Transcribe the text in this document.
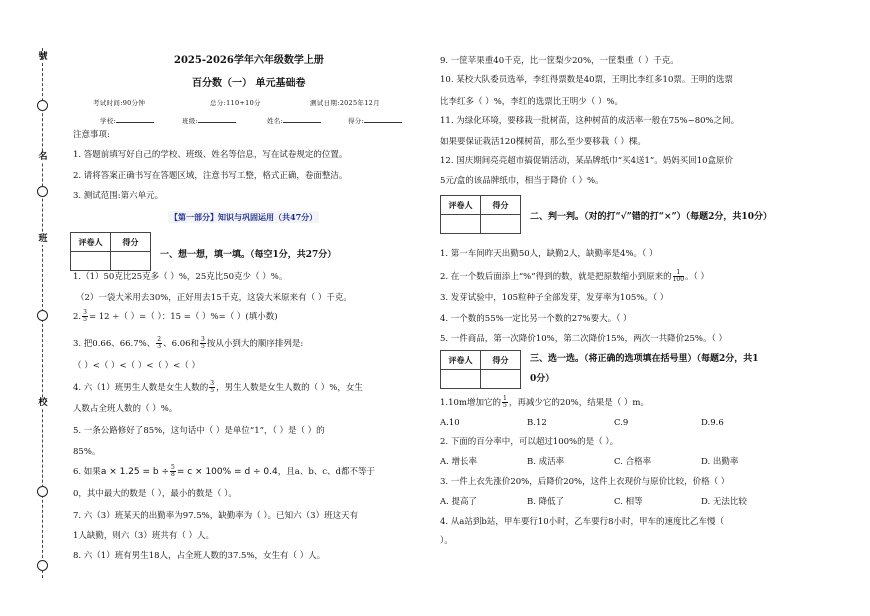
號
名
班
校
2025-2026学年六年级数学上册
百分数（一） 单元基础卷
考试时间:90分钟	总分:110+10分	测试日期:2025年12月
学校:	班级:	姓名:	得分:
注意事项:
1. 答题前填写好自己的学校、班级、姓名等信息，写在试卷规定的位置。
2. 请将答案正确书写在答题区域，注意书写工整，格式正确，卷面整洁。
3. 测试范围:第六单元。
【第一部分】知识与巩固运用（共47分）
评卷人	得分

一、想一想，填一填。（每空1分，共27分）
1.（1）50克比25克多（ ）%，25克比50克少（ ）%。
（2）一袋大米用去30%，正好用去15千克，这袋大米原来有（ ）千克。
2. $\frac{3}{5} = 12$ ÷（ ）=（ ）：15 =（ ）%=（ ）(填小数)
3. 把0.66、66.7%、 $\frac{2}{3}$ 、6.06和 $\frac{3}{5}$ 按从小到大的顺序排列是:
（ ）<（ ）<（ ）<（ ）<（ ）
4. 六（1）班男生人数是女生人数的 $\frac{3}{5}$ ，男生人数是女生人数的（ ）%，女生
人数占全班人数的（ ）%。
5. 一条公路修好了85%，这句话中（ ）是单位“1”，（ ）是（ ）的
85%。
6. 如果$a \times 1.25 = b \div \frac{5}{8} = c \times 100\% = d \div 0.4$，且a、b、c、d都不等于
0，其中最大的数是（ ），最小的数是（ ）。
7. 六（3）班某天的出勤率为97.5%，缺勤率为（ ）。已知六（3）班这天有
1人缺勤，则六（3）班共有（ ）人。
8. 六（1）班有男生18人，占全班人数的37.5%，女生有（ ）人。
9. 一筐苹果重40千克，比一筐梨少20%，一筐梨重（ ）千克。
10. 某校大队委员选举，李红得票数是40票，王明比李红多10票。王明的选票
比李红多（ ）%，李红的选票比王明少（ ）%。
11. 为绿化环境，要移栽一批树苗，这种树苗的成活率一般在75%~80%之间。
如果要保证栽活120棵树苗，那么至少要移栽（ ）棵。
12. 国庆期间亮亮超市搞促销活动，某品牌纸巾“买4送1”。妈妈买回10盒原价
5元/盒的该品牌纸巾，相当于降价（ ）%。
评卷人	得分

二、判一判。（对的打“√”错的打“×”）（每题2分，共10分）
1. 第一车间昨天出勤50人，缺勤2人，缺勤率是4%。（ ）
2. 在一个数后面添上“%”得到的数，就是把原数缩小到原来的 $\frac{1}{100}$ 。（ ）
3. 发芽试验中，105粒种子全部发芽，发芽率为105%。（ ）
4. 一个数的55%一定比另一个数的27%要大。（ ）
5. 一件商品，第一次降价10%，第二次降价15%，两次一共降价25%。（ ）
评卷人	得分
	三、选一选。（将正确的选项填在括号里）（每题2分，共1
0分）
1.10m增加它的 $\frac{1}{5}$ ，再减少它的20%，结果是（ ）m。
A.10	B.12	C.9	D.9.6
2. 下面的百分率中，可以超过100%的是（ ）。
A. 增长率	B. 成活率	C. 合格率	D. 出勤率
3. 一件上衣先涨价20%，后降价20%，这件上衣现价与原价比较，价格（ ）
A. 提高了	B. 降低了	C. 相等	D. 无法比较
4. 从a站到b站，甲车要行10小时，乙车要行8小时，甲车的速度比乙车慢（
）。
